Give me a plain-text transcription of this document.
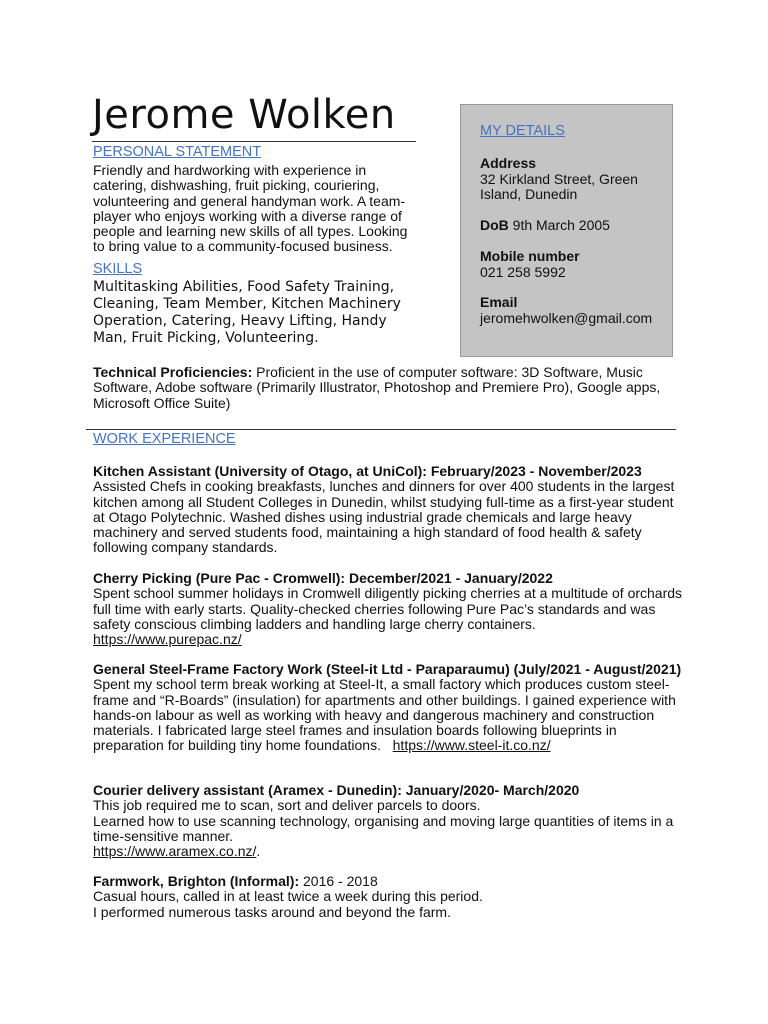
Jerome Wolken
PERSONAL STATEMENT
Friendly and hardworking with experience in catering, dishwashing, fruit picking, couriering, volunteering and general handyman work. A team-player who enjoys working with a diverse range of people and learning new skills of all types. Looking to bring value to a community-focused business.
SKILLS
Multitasking Abilities, Food Safety Training, Cleaning, Team Member, Kitchen Machinery Operation, Catering, Heavy Lifting, Handy Man, Fruit Picking, Volunteering.
MY DETAILS
Address
32 Kirkland Street, Green Island, Dunedin
DoB 9th March 2005
Mobile number
021 258 5992
Email
jeromehwolken@gmail.com
Technical Proficiencies: Proficient in the use of computer software: 3D Software, Music Software, Adobe software (Primarily Illustrator, Photoshop and Premiere Pro), Google apps, Microsoft Office Suite)
WORK EXPERIENCE
Kitchen Assistant (University of Otago, at UniCol): February/2023 - November/2023
Assisted Chefs in cooking breakfasts, lunches and dinners for over 400 students in the largest kitchen among all Student Colleges in Dunedin, whilst studying full-time as a first-year student at Otago Polytechnic. Washed dishes using industrial grade chemicals and large heavy machinery and served students food, maintaining a high standard of food health & safety following company standards.
Cherry Picking (Pure Pac - Cromwell): December/2021 - January/2022
Spent school summer holidays in Cromwell diligently picking cherries at a multitude of orchards full time with early starts. Quality-checked cherries following Pure Pac’s standards and was safety conscious climbing ladders and handling large cherry containers.
https://www.purepac.nz/
General Steel-Frame Factory Work (Steel-it Ltd - Paraparaumu) (July/2021 - August/2021)
Spent my school term break working at Steel-It, a small factory which produces custom steel-frame and “R-Boards” (insulation) for apartments and other buildings. I gained experience with hands-on labour as well as working with heavy and dangerous machinery and construction materials. I fabricated large steel frames and insulation boards following blueprints in preparation for building tiny home foundations. https://www.steel-it.co.nz/
Courier delivery assistant (Aramex - Dunedin): January/2020- March/2020
This job required me to scan, sort and deliver parcels to doors.
Learned how to use scanning technology, organising and moving large quantities of items in a time-sensitive manner.
https://www.aramex.co.nz/.
Farmwork, Brighton (Informal): 2016 - 2018
Casual hours, called in at least twice a week during this period.
I performed numerous tasks around and beyond the farm.
